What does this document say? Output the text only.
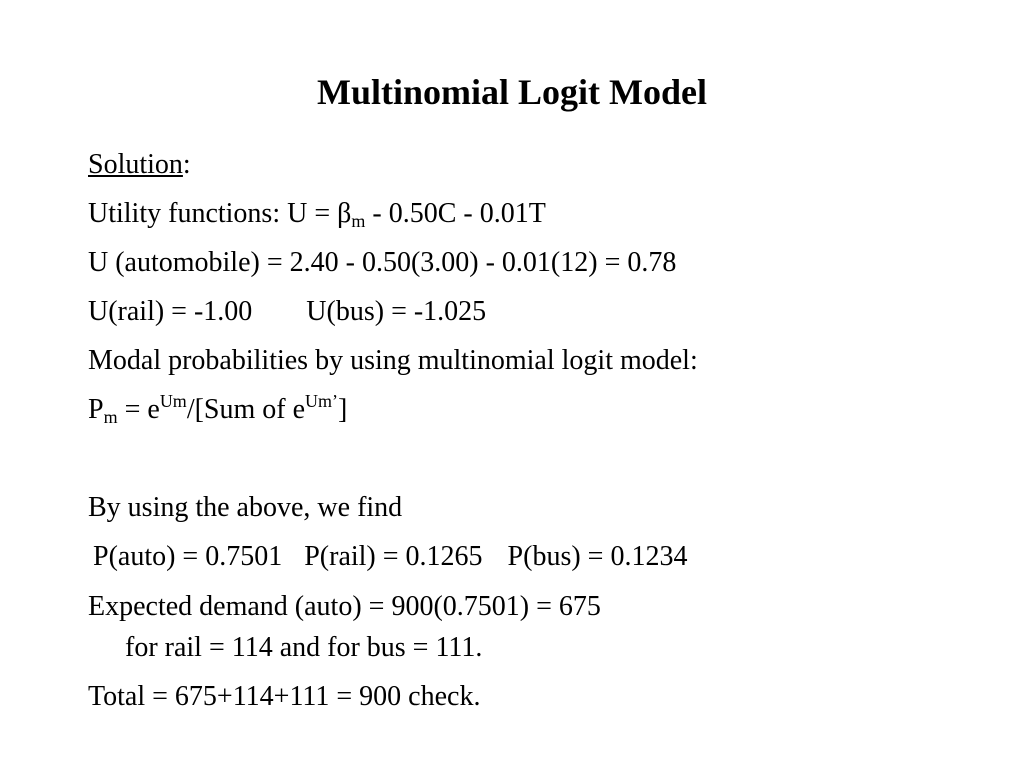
Multinomial Logit Model

Solution:

Utility functions: $U = \beta_m - 0.50C - 0.01T$

U (automobile) = 2.40 - 0.50(3.00) - 0.01(12) = 0.78

U(rail) = -1.00 U(bus) = -1.025

Modal probabilities by using multinomial logit model:

$P_m = e^{Um}/[Sum$ of $e^{Um’}$]

By using the above, we find

P(auto) = 0.7501 P(rail) = 0.1265 P(bus) = 0.1234

Expected demand (auto) = 900(0.7501) = 675

for rail = 114 and for bus = 111.

Total = 675+114+111 = 900 check.
